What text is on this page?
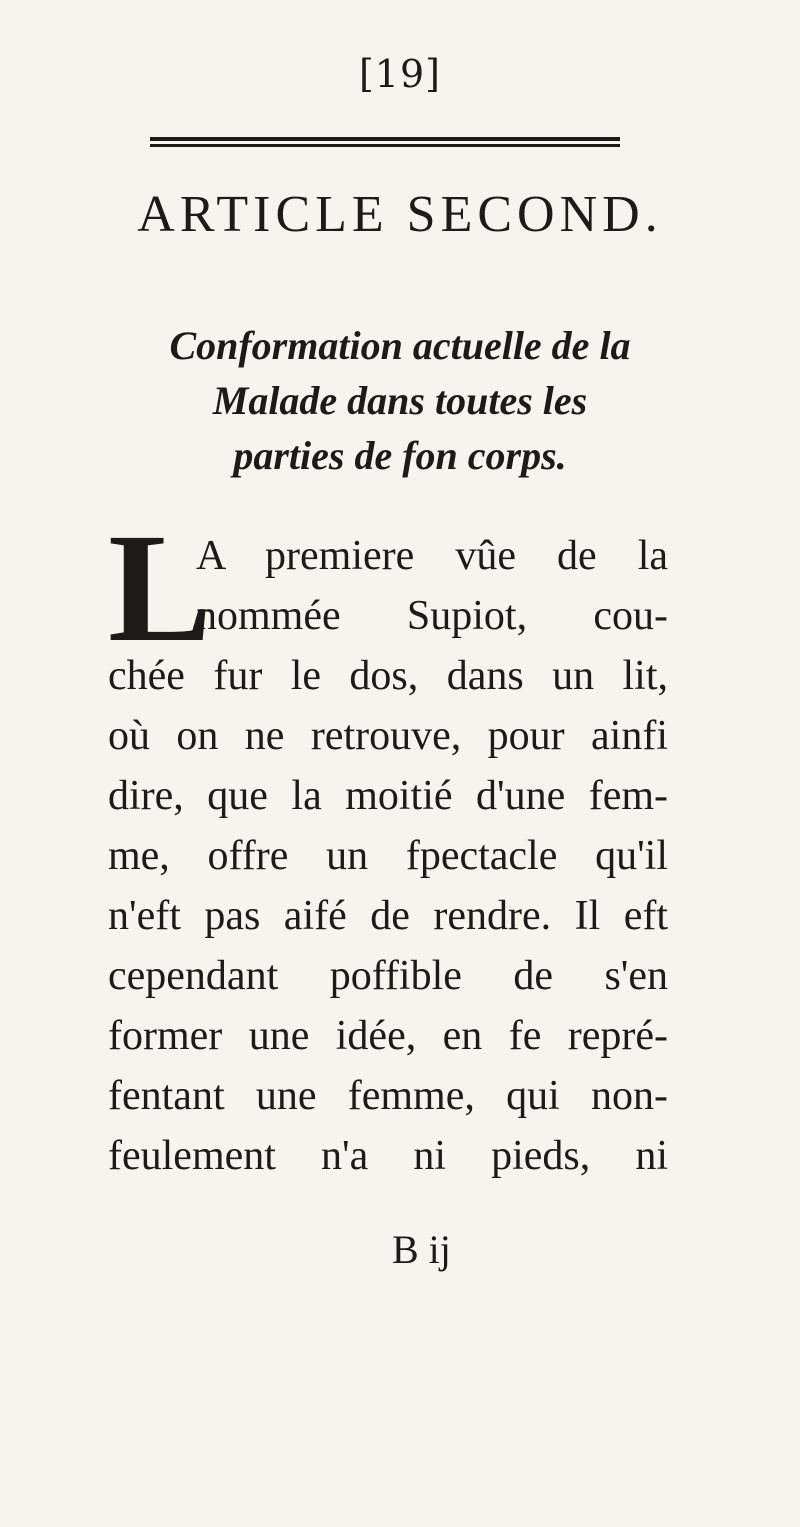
[19]
ARTICLE SECOND.
Conformation actuelle de la
Malade dans toutes les
parties de fon corps.
L
A premiere vûe de la
nommée Supiot, cou-
chée fur le dos, dans un lit,
où on ne retrouve, pour ainfi
dire, que la moitié d'une fem-
me, offre un fpectacle qu'il
n'eft pas aifé de rendre. Il eft
cependant poffible de s'en
former une idée, en fe repré-
fentant une femme, qui non-
feulement n'a ni pieds, ni
B ij
